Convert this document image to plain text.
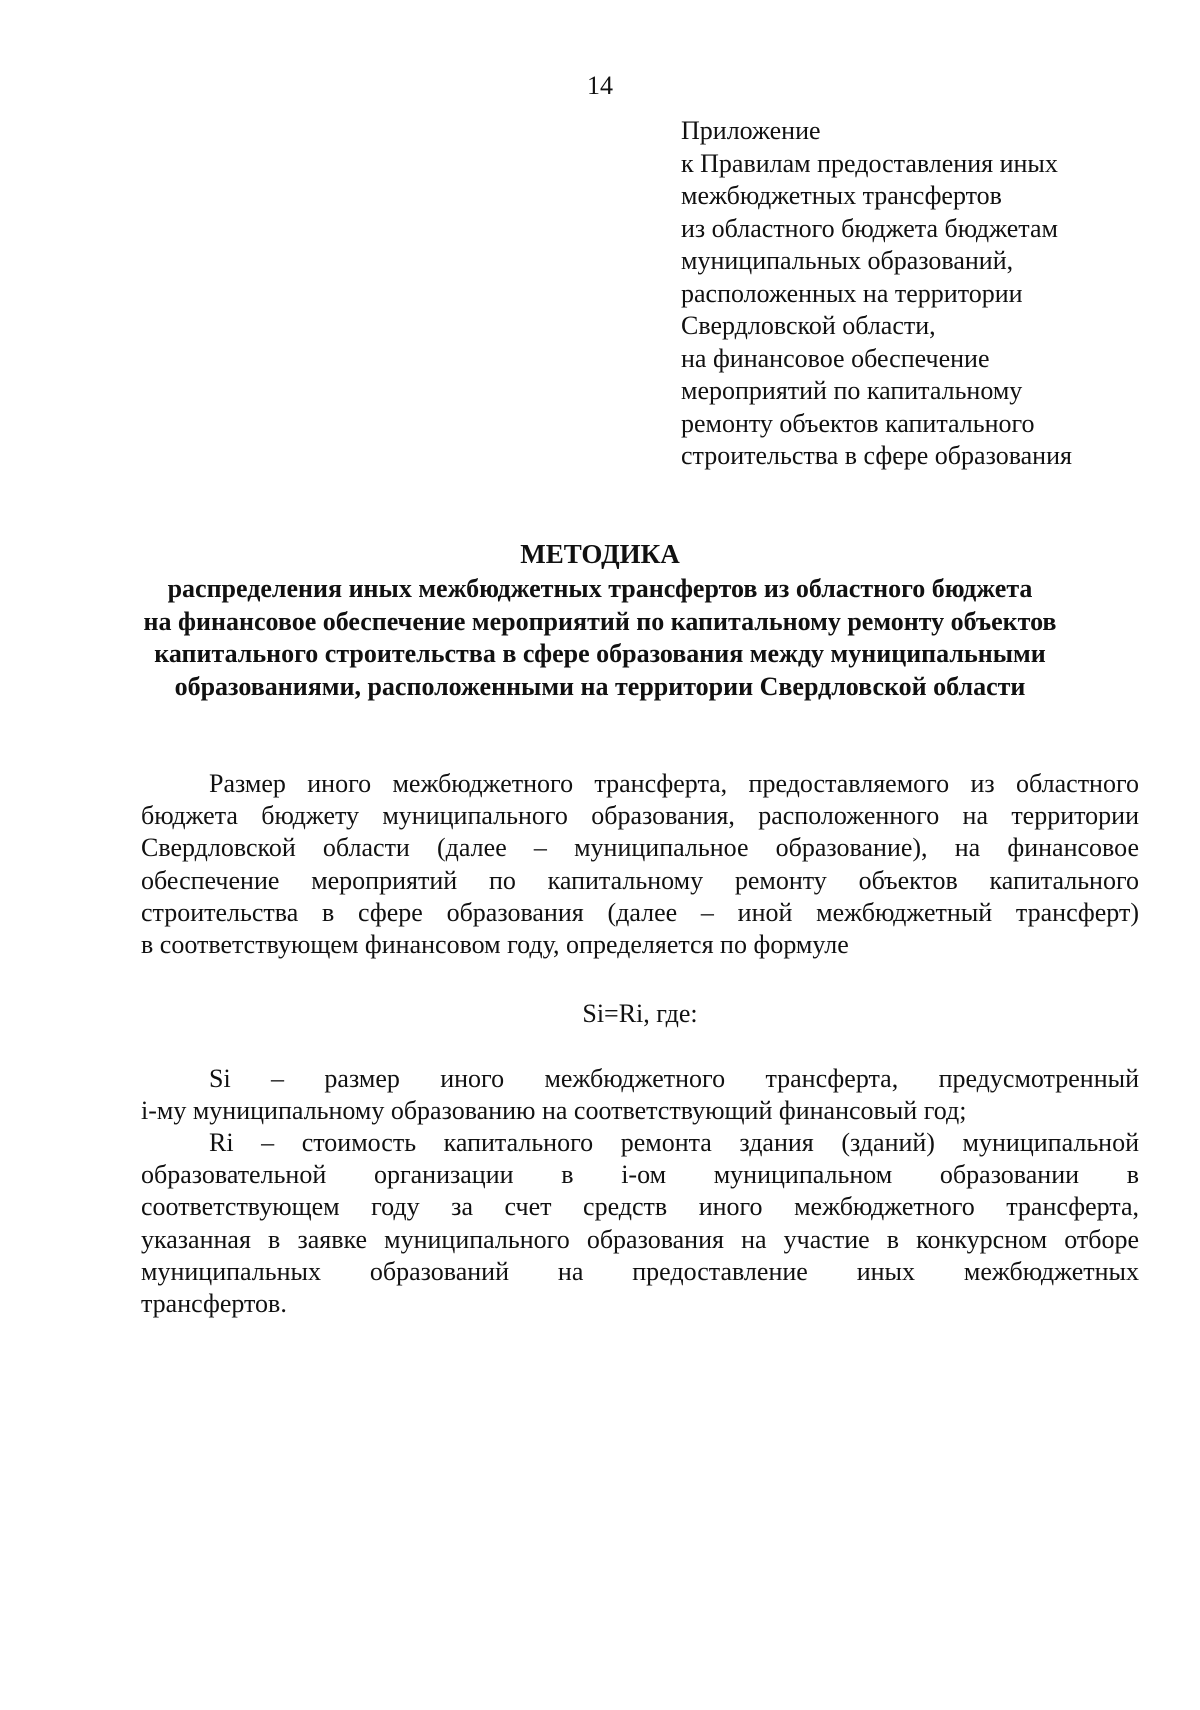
14
Приложение
к Правилам предоставления иных
межбюджетных трансфертов
из областного бюджета бюджетам
муниципальных образований,
расположенных на территории
Свердловской области,
на финансовое обеспечение
мероприятий по капитальному
ремонту объектов капитального
строительства в сфере образования
МЕТОДИКА
распределения иных межбюджетных трансфертов из областного бюджета
на финансовое обеспечение мероприятий по капитальному ремонту объектов
капитального строительства в сфере образования между муниципальными
образованиями, расположенными на территории Свердловской области
Размер иного межбюджетного трансферта, предоставляемого из областного
бюджета бюджету муниципального образования, расположенного на территории
Свердловской области (далее – муниципальное образование), на финансовое
обеспечение мероприятий по капитальному ремонту объектов капитального
строительства в сфере образования (далее – иной межбюджетный трансферт)
в соответствующем финансовом году, определяется по формуле
Si=Ri, где:
Si – размер иного межбюджетного трансферта, предусмотренный
i-му муниципальному образованию на соответствующий финансовый год;
Ri – стоимость капитального ремонта здания (зданий) муниципальной
образовательной организации в i-ом муниципальном образовании в
соответствующем году за счет средств иного межбюджетного трансферта,
указанная в заявке муниципального образования на участие в конкурсном отборе
муниципальных образований на предоставление иных межбюджетных
трансфертов.
